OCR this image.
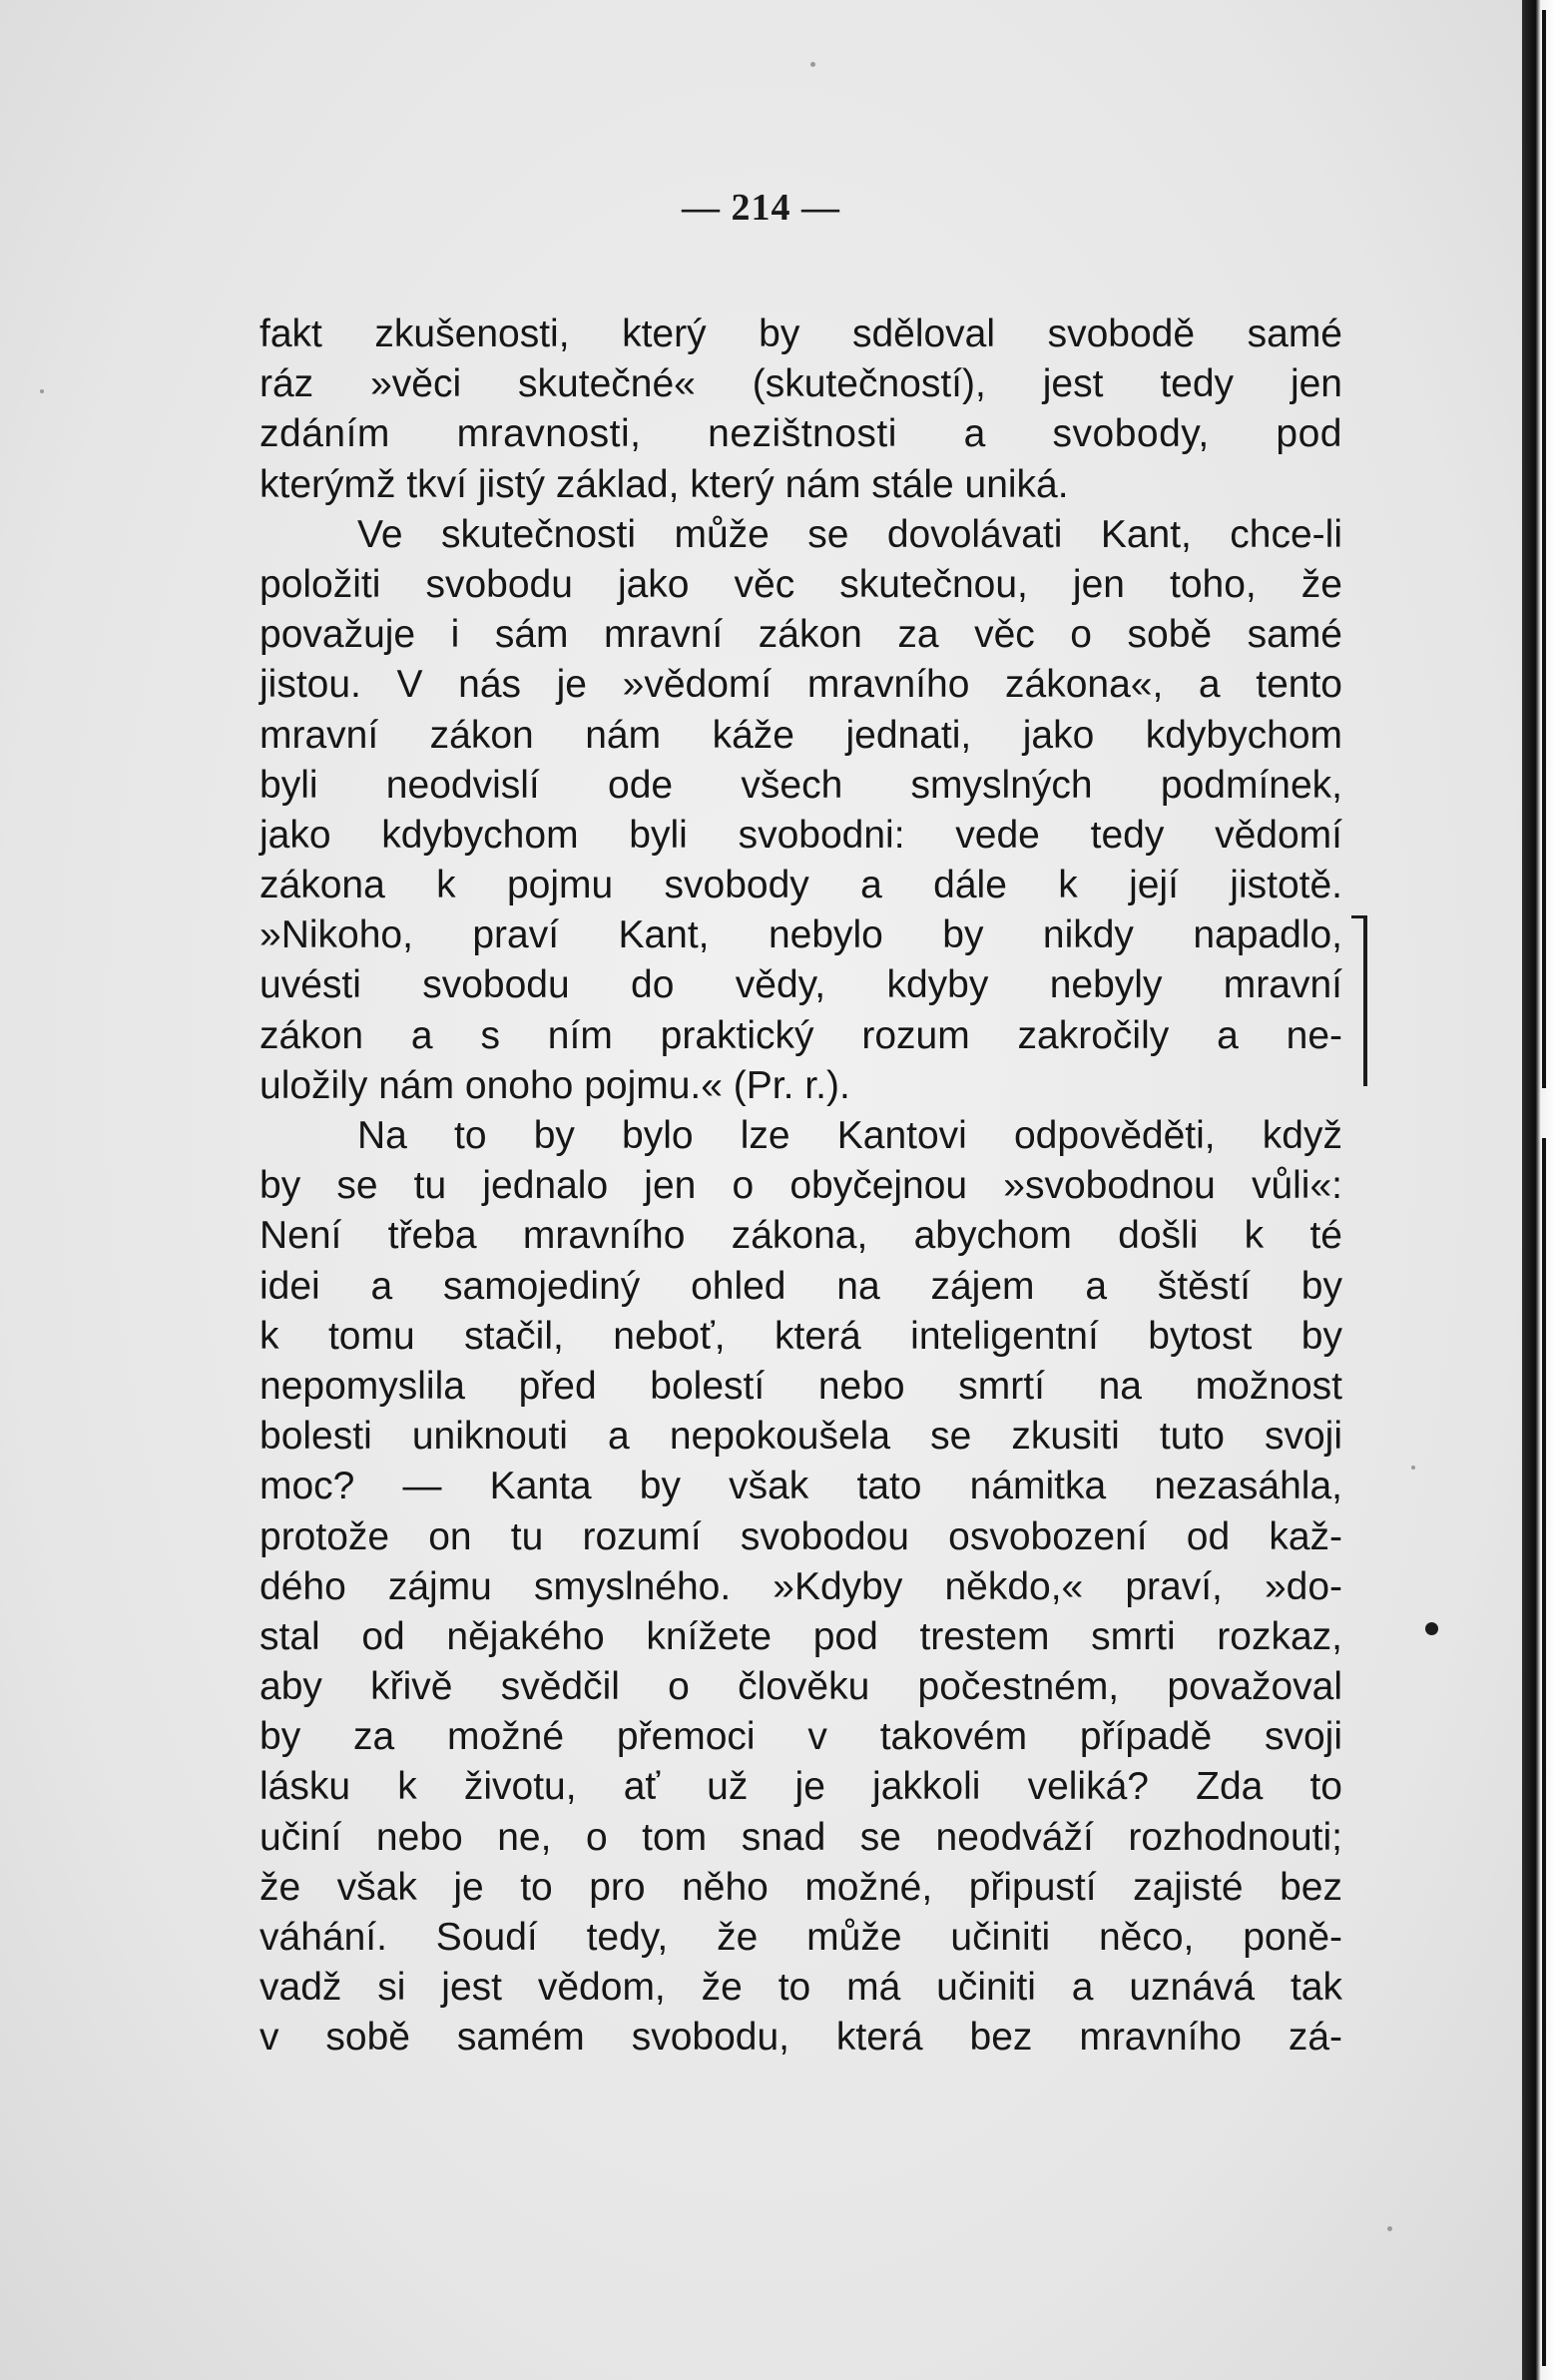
— 214 —
fakt zkušenosti, který by sděloval svobodě samé
ráz »věci skutečné« (skutečností), jest tedy jen
zdáním mravnosti, nezištnosti a svobody, pod
kterýmž tkví jistý základ, který nám stále uniká.
Ve skutečnosti může se dovolávati Kant, chce-li
položiti svobodu jako věc skutečnou, jen toho, že
považuje i sám mravní zákon za věc o sobě samé
jistou. V nás je »vědomí mravního zákona«, a tento
mravní zákon nám káže jednati, jako kdybychom
byli neodvislí ode všech smyslných podmínek,
jako kdybychom byli svobodni: vede tedy vědomí
zákona k pojmu svobody a dále k její jistotě.
»Nikoho, praví Kant, nebylo by nikdy napadlo,
uvésti svobodu do vědy, kdyby nebyly mravní
zákon a s ním praktický rozum zakročily a ne-
uložily nám onoho pojmu.« (Pr. r.).
Na to by bylo lze Kantovi odpověděti, když
by se tu jednalo jen o obyčejnou »svobodnou vůli«:
Není třeba mravního zákona, abychom došli k té
idei a samojediný ohled na zájem a štěstí by
k tomu stačil, neboť, která inteligentní bytost by
nepomyslila před bolestí nebo smrtí na možnost
bolesti uniknouti a nepokoušela se zkusiti tuto svoji
moc? — Kanta by však tato námitka nezasáhla,
protože on tu rozumí svobodou osvobození od kaž-
dého zájmu smyslného. »Kdyby někdo,« praví, »do-
stal od nějakého knížete pod trestem smrti rozkaz,
aby křivě svědčil o člověku počestném, považoval
by za možné přemoci v takovém případě svoji
lásku k životu, ať už je jakkoli veliká? Zda to
učiní nebo ne, o tom snad se neodváží rozhodnouti;
že však je to pro něho možné, připustí zajisté bez
váhání. Soudí tedy, že může učiniti něco, poně-
vadž si jest vědom, že to má učiniti a uznává tak
v sobě samém svobodu, která bez mravního zá-
